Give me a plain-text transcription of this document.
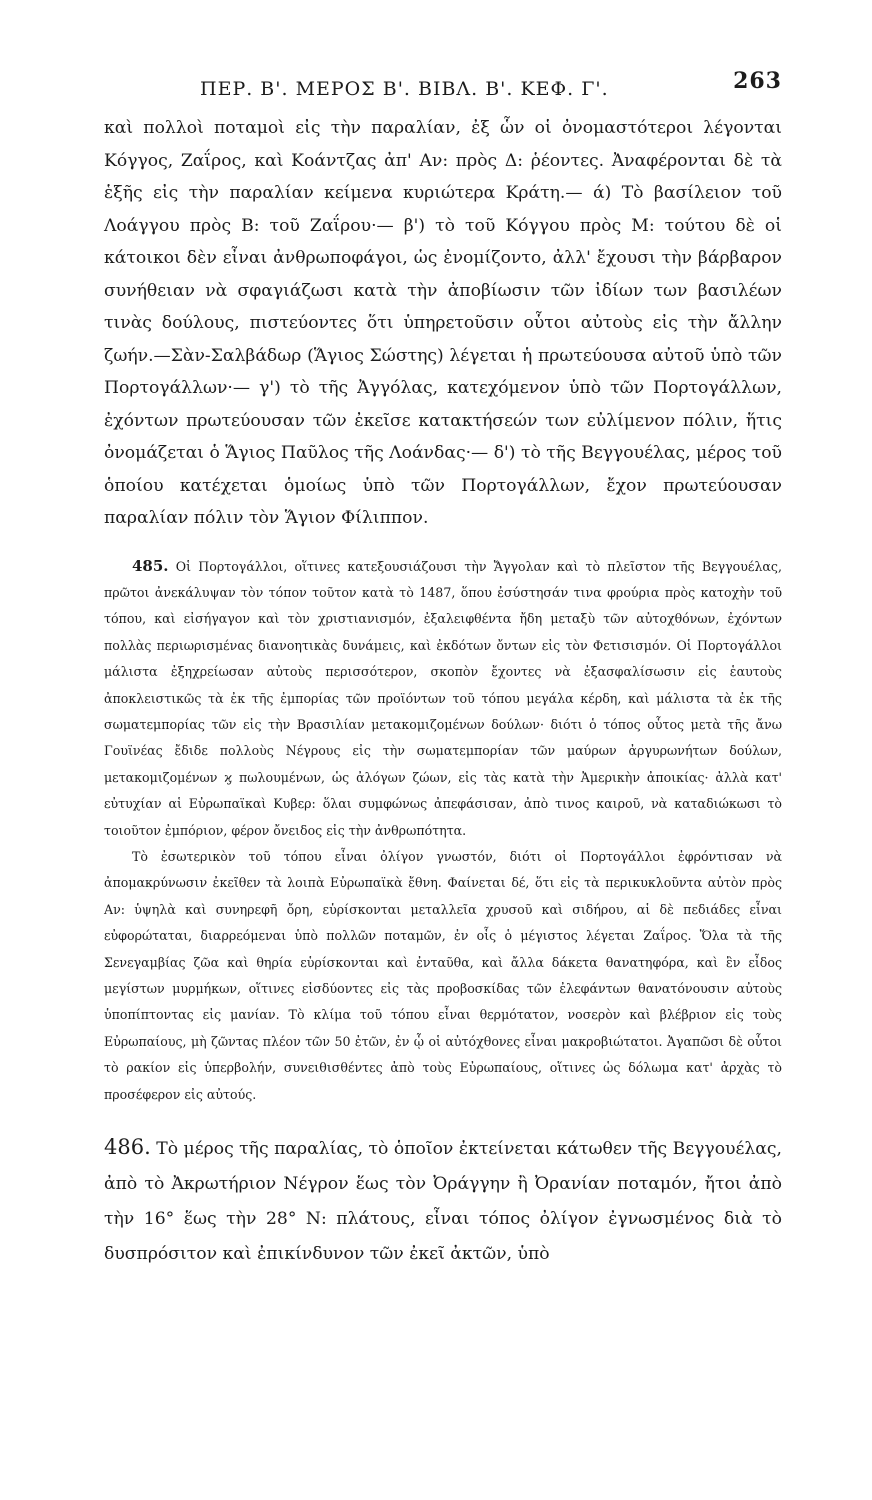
ΠΕΡ. Β'. ΜΕΡΟΣ Β'. ΒΙΒΛ. Β'. ΚΕΦ. Γ'.	263

καὶ πολλοὶ ποταμοὶ εἰς τὴν παραλίαν, ἐξ ὧν οἱ ὀνομαστότεροι λέγονται Κόγγος, Ζαΐρος, καὶ Κοάντζας ἀπ' Αν: πρὸς Δ: ῥέοντες. Ἀναφέρονται δὲ τὰ ἑξῆς εἰς τὴν παραλίαν κείμενα κυριώτερα Κράτη.— ά) Τὸ βασίλειον τοῦ Λοάγγου πρὸς Β: τοῦ Ζαΐρου·— β') τὸ τοῦ Κόγγου πρὸς Μ: τούτου δὲ οἱ κάτοικοι δὲν εἶναι ἀνθρωποφάγοι, ὡς ἐνομίζοντο, ἀλλ' ἔχουσι τὴν βάρβαρον συνήθειαν νὰ σφαγιάζωσι κατὰ τὴν ἀποβίωσιν τῶν ἰδίων των βασιλέων τινὰς δούλους, πιστεύοντες ὅτι ὑπηρετοῦσιν οὗτοι αὐτοὺς εἰς τὴν ἄλλην ζωήν.—Σὰν-Σαλβάδωρ (Ἅγιος Σώστης) λέγεται ἡ πρωτεύουσα αὐτοῦ ὑπὸ τῶν Πορτογάλλων·— γ') τὸ τῆς Ἀγγόλας, κατεχόμενον ὑπὸ τῶν Πορτογάλλων, ἐχόντων πρωτεύουσαν τῶν ἐκεῖσε κατακτήσεών των εὐλίμενον πόλιν, ἥτις ὀνομάζεται ὁ Ἅγιος Παῦλος τῆς Λοάνδας·— δ') τὸ τῆς Βεγγουέλας, μέρος τοῦ ὁποίου κατέχεται ὁμοίως ὑπὸ τῶν Πορτογάλλων, ἔχον πρωτεύουσαν παραλίαν πόλιν τὸν Ἅγιον Φίλιππον.

485. Οἱ Πορτογάλλοι, οἵτινες κατεξουσιάζουσι τὴν Ἄγγολαν καὶ τὸ πλεῖστον τῆς Βεγγουέλας, πρῶτοι ἀνεκάλυψαν τὸν τόπον τοῦτον κατὰ τὸ 1487, ὅπου ἐσύστησάν τινα φρούρια πρὸς κατοχὴν τοῦ τόπου, καὶ εἰσήγαγον καὶ τὸν χριστιανισμόν, ἐξαλειφθέντα ἤδη μεταξὺ τῶν αὐτοχθόνων, ἐχόντων πολλὰς περιωρισμένας διανοητικὰς δυνάμεις, καὶ ἐκδότων ὄντων εἰς τὸν Φετισισμόν. Οἱ Πορτογάλλοι μάλιστα ἐξηχρείωσαν αὐτοὺς περισσότερον, σκοπὸν ἔχοντες νὰ ἐξασφαλίσωσιν εἰς ἑαυτοὺς ἀποκλειστικῶς τὰ ἐκ τῆς ἐμπορίας τῶν προϊόντων τοῦ τόπου μεγάλα κέρδη, καὶ μάλιστα τὰ ἐκ τῆς σωματεμπορίας τῶν εἰς τὴν Βρασιλίαν μετακομιζομένων δούλων· διότι ὁ τόπος οὗτος μετὰ τῆς ἄνω Γουϊνέας ἔδιδε πολλοὺς Νέγρους εἰς τὴν σωματεμπορίαν τῶν μαύρων ἀργυρωνήτων δούλων, μετακομιζομένων ϗ πωλουμένων, ὡς ἀλόγων ζώων, εἰς τὰς κατὰ τὴν Ἀμερικὴν ἀποικίας· ἀλλὰ κατ' εὐτυχίαν αἱ Εὐρωπαϊκαὶ Κυβερ: ὅλαι συμφώνως ἀπεφάσισαν, ἀπὸ τινος καιροῦ, νὰ καταδιώκωσι τὸ τοιοῦτον ἐμπόριον, φέρον ὄνειδος εἰς τὴν ἀνθρωπότητα.

Τὸ ἐσωτερικὸν τοῦ τόπου εἶναι ὀλίγον γνωστόν, διότι οἱ Πορτογάλλοι ἐφρόντισαν νὰ ἀπομακρύνωσιν ἐκεῖθεν τὰ λοιπὰ Εὐρωπαϊκὰ ἔθνη. Φαίνεται δέ, ὅτι εἰς τὰ περικυκλοῦντα αὐτὸν πρὸς Αν: ὑψηλὰ καὶ συνηρεφῆ ὄρη, εὑρίσκονται μεταλλεῖα χρυσοῦ καὶ σιδήρου, αἱ δὲ πεδιάδες εἶναι εὐφορώταται, διαρρεόμεναι ὑπὸ πολλῶν ποταμῶν, ἐν οἷς ὁ μέγιστος λέγεται Ζαΐρος. Ὅλα τὰ τῆς Σενεγαμβίας ζῶα καὶ θηρία εὑρίσκονται καὶ ἐνταῦθα, καὶ ἄλλα δάκετα θανατηφόρα, καὶ ἓν εἶδος μεγίστων μυρμήκων, οἵτινες εἰσδύοντες εἰς τὰς προβοσκίδας τῶν ἐλεφάντων θανατόνουσιν αὐτοὺς ὑποπίπτοντας εἰς μανίαν. Τὸ κλίμα τοῦ τόπου εἶναι θερμότατον, νοσερὸν καὶ βλέβριον εἰς τοὺς Εὐρωπαίους, μὴ ζῶντας πλέον τῶν 50 ἐτῶν, ἐν ᾧ οἱ αὐτόχθονες εἶναι μακροβιώτατοι. Ἀγαπῶσι δὲ οὗτοι τὸ ρακίον εἰς ὑπερβολήν, συνειθισθέντες ἀπὸ τοὺς Εὐρωπαίους, οἵτινες ὡς δόλωμα κατ' ἀρχὰς τὸ προσέφερον εἰς αὐτούς.

486. Τὸ μέρος τῆς παραλίας, τὸ ὁποῖον ἐκτείνεται κάτωθεν τῆς Βεγγουέλας, ἀπὸ τὸ Ἀκρωτήριον Νέγρον ἕως τὸν Ὀράγγην ἢ Ὀρανίαν ποταμόν, ἤτοι ἀπὸ τὴν 16° ἕως τὴν 28° Ν: πλάτους, εἶναι τόπος ὀλίγον ἐγνωσμένος διὰ τὸ δυσπρόσιτον καὶ ἐπικίνδυνον τῶν ἐκεῖ ἀκτῶν, ὑπὸ
